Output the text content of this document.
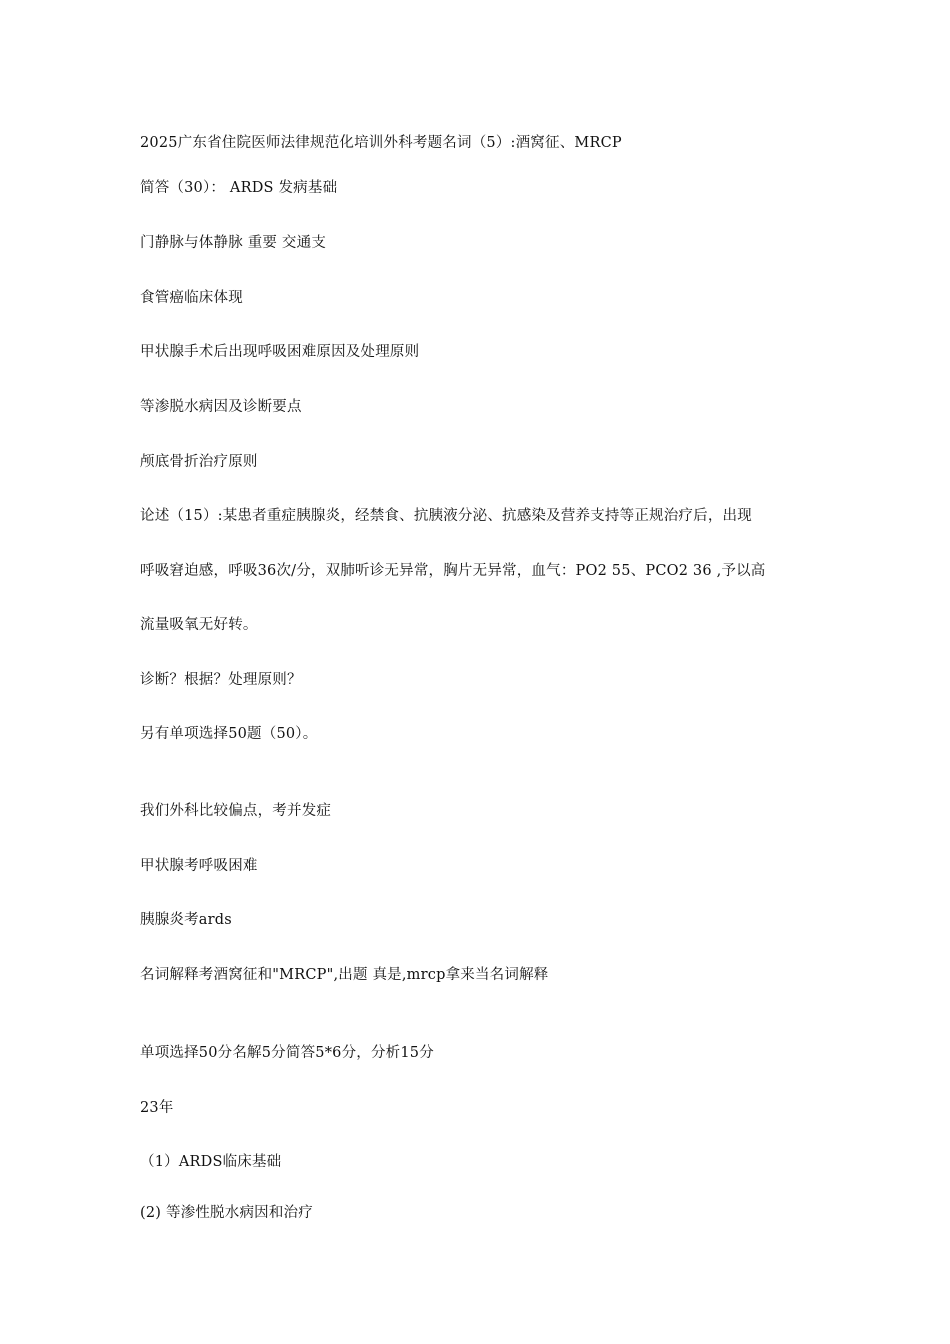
2025广东省住院医师法律规范化培训外科考题名词（5）:酒窝征、MRCP
简答（30）： ARDS 发病基础
门静脉与体静脉 重要 交通支
食管癌临床体现
甲状腺手术后出现呼吸困难原因及处理原则
等渗脱水病因及诊断要点
颅底骨折治疗原则
论述（15）:某患者重症胰腺炎，经禁食、抗胰液分泌、抗感染及营养支持等正规治疗后，出现
呼吸窘迫感，呼吸36次/分，双肺听诊无异常，胸片无异常，血气：PO2 55、PCO2 36 ,予以高
流量吸氧无好转。
诊断？根据？处理原则？
另有单项选择50题（50）。
我们外科比较偏点，考并发症
甲状腺考呼吸困难
胰腺炎考ards
名词解释考酒窝征和"MRCP",出题 真是,mrcp拿来当名词解释
单项选择50分名解5分简答5*6分，分析15分
23年
（1）ARDS临床基础
(2) 等渗性脱水病因和治疗
